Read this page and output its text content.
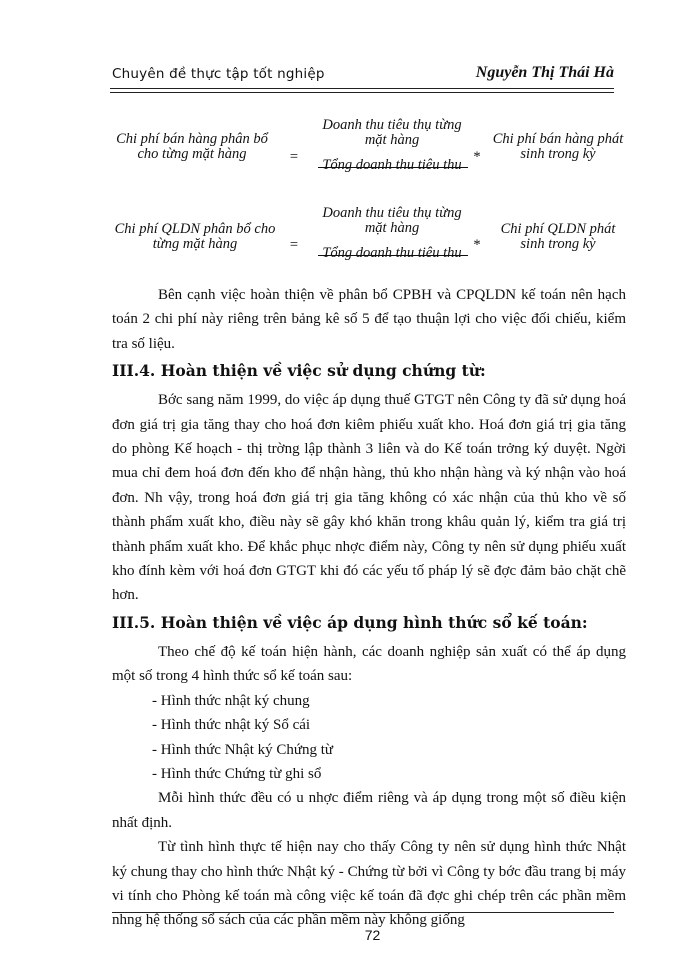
Chuyên đề thực tập tốt nghiệp	Nguyễn Thị Thái Hà
Chi phí bán hàng phân bổ cho từng mặt hàng	=
Doanh thu tiêu thụ từng mặt hàng
Tổng doanh thu tiêu thu *
Chi phí bán hàng phát sinh trong kỳ
Chi phí QLDN phân bổ cho từng mặt hàng	=
Doanh thu tiêu thụ từng mặt hàng
Tổng doanh thu tiêu thu *
Chi phí QLDN phát sinh trong kỳ

Bên cạnh việc hoàn thiện về phân bổ CPBH và CPQLDN kế toán nên hạch toán 2 chi phí này riêng trên bảng kê số 5 để tạo thuận lợi cho việc đối chiếu, kiểm tra số liệu.

III.4. Hoàn thiện về việc sử dụng chứng từ:

Bớc sang năm 1999, do việc áp dụng thuế GTGT nên Công ty đã sử dụng hoá đơn giá trị gia tăng thay cho hoá đơn kiêm phiếu xuất kho. Hoá đơn giá trị gia tăng do phòng Kế hoạch - thị trờng lập thành 3 liên và do Kế toán trởng ký duyệt. Ngời mua chỉ đem hoá đơn đến kho để nhận hàng, thủ kho nhận hàng và ký nhận vào hoá đơn. Nh vậy, trong hoá đơn giá trị gia tăng không có xác nhận của thủ kho về số thành phẩm xuất kho, điều này sẽ gây khó khăn trong khâu quản lý, kiểm tra giá trị thành phẩm xuất kho. Để khắc phục nhợc điểm này, Công ty nên sử dụng phiếu xuất kho đính kèm với hoá đơn GTGT khi đó các yếu tố pháp lý sẽ đợc đảm bảo chặt chẽ hơn.

III.5. Hoàn thiện về việc áp dụng hình thức sổ kế toán:

Theo chế độ kế toán hiện hành, các doanh nghiệp sản xuất có thể áp dụng một số trong 4 hình thức sổ kế toán sau:

- Hình thức nhật ký chung

- Hình thức nhật ký Sổ cái

- Hình thức Nhật ký Chứng từ

- Hình thức Chứng từ ghi sổ

Mỗi hình thức đều có u nhợc điểm riêng và áp dụng trong một số điều kiện nhất định.

Từ tình hình thực tế hiện nay cho thấy Công ty nên sử dụng hình thức Nhật ký chung thay cho hình thức Nhật ký - Chứng từ bởi vì Công ty bớc đầu trang bị máy vi tính cho Phòng kế toán mà công việc kế toán đã đợc ghi chép trên các phần mềm nhng hệ thống sổ sách của các phần mềm này không giống

72
